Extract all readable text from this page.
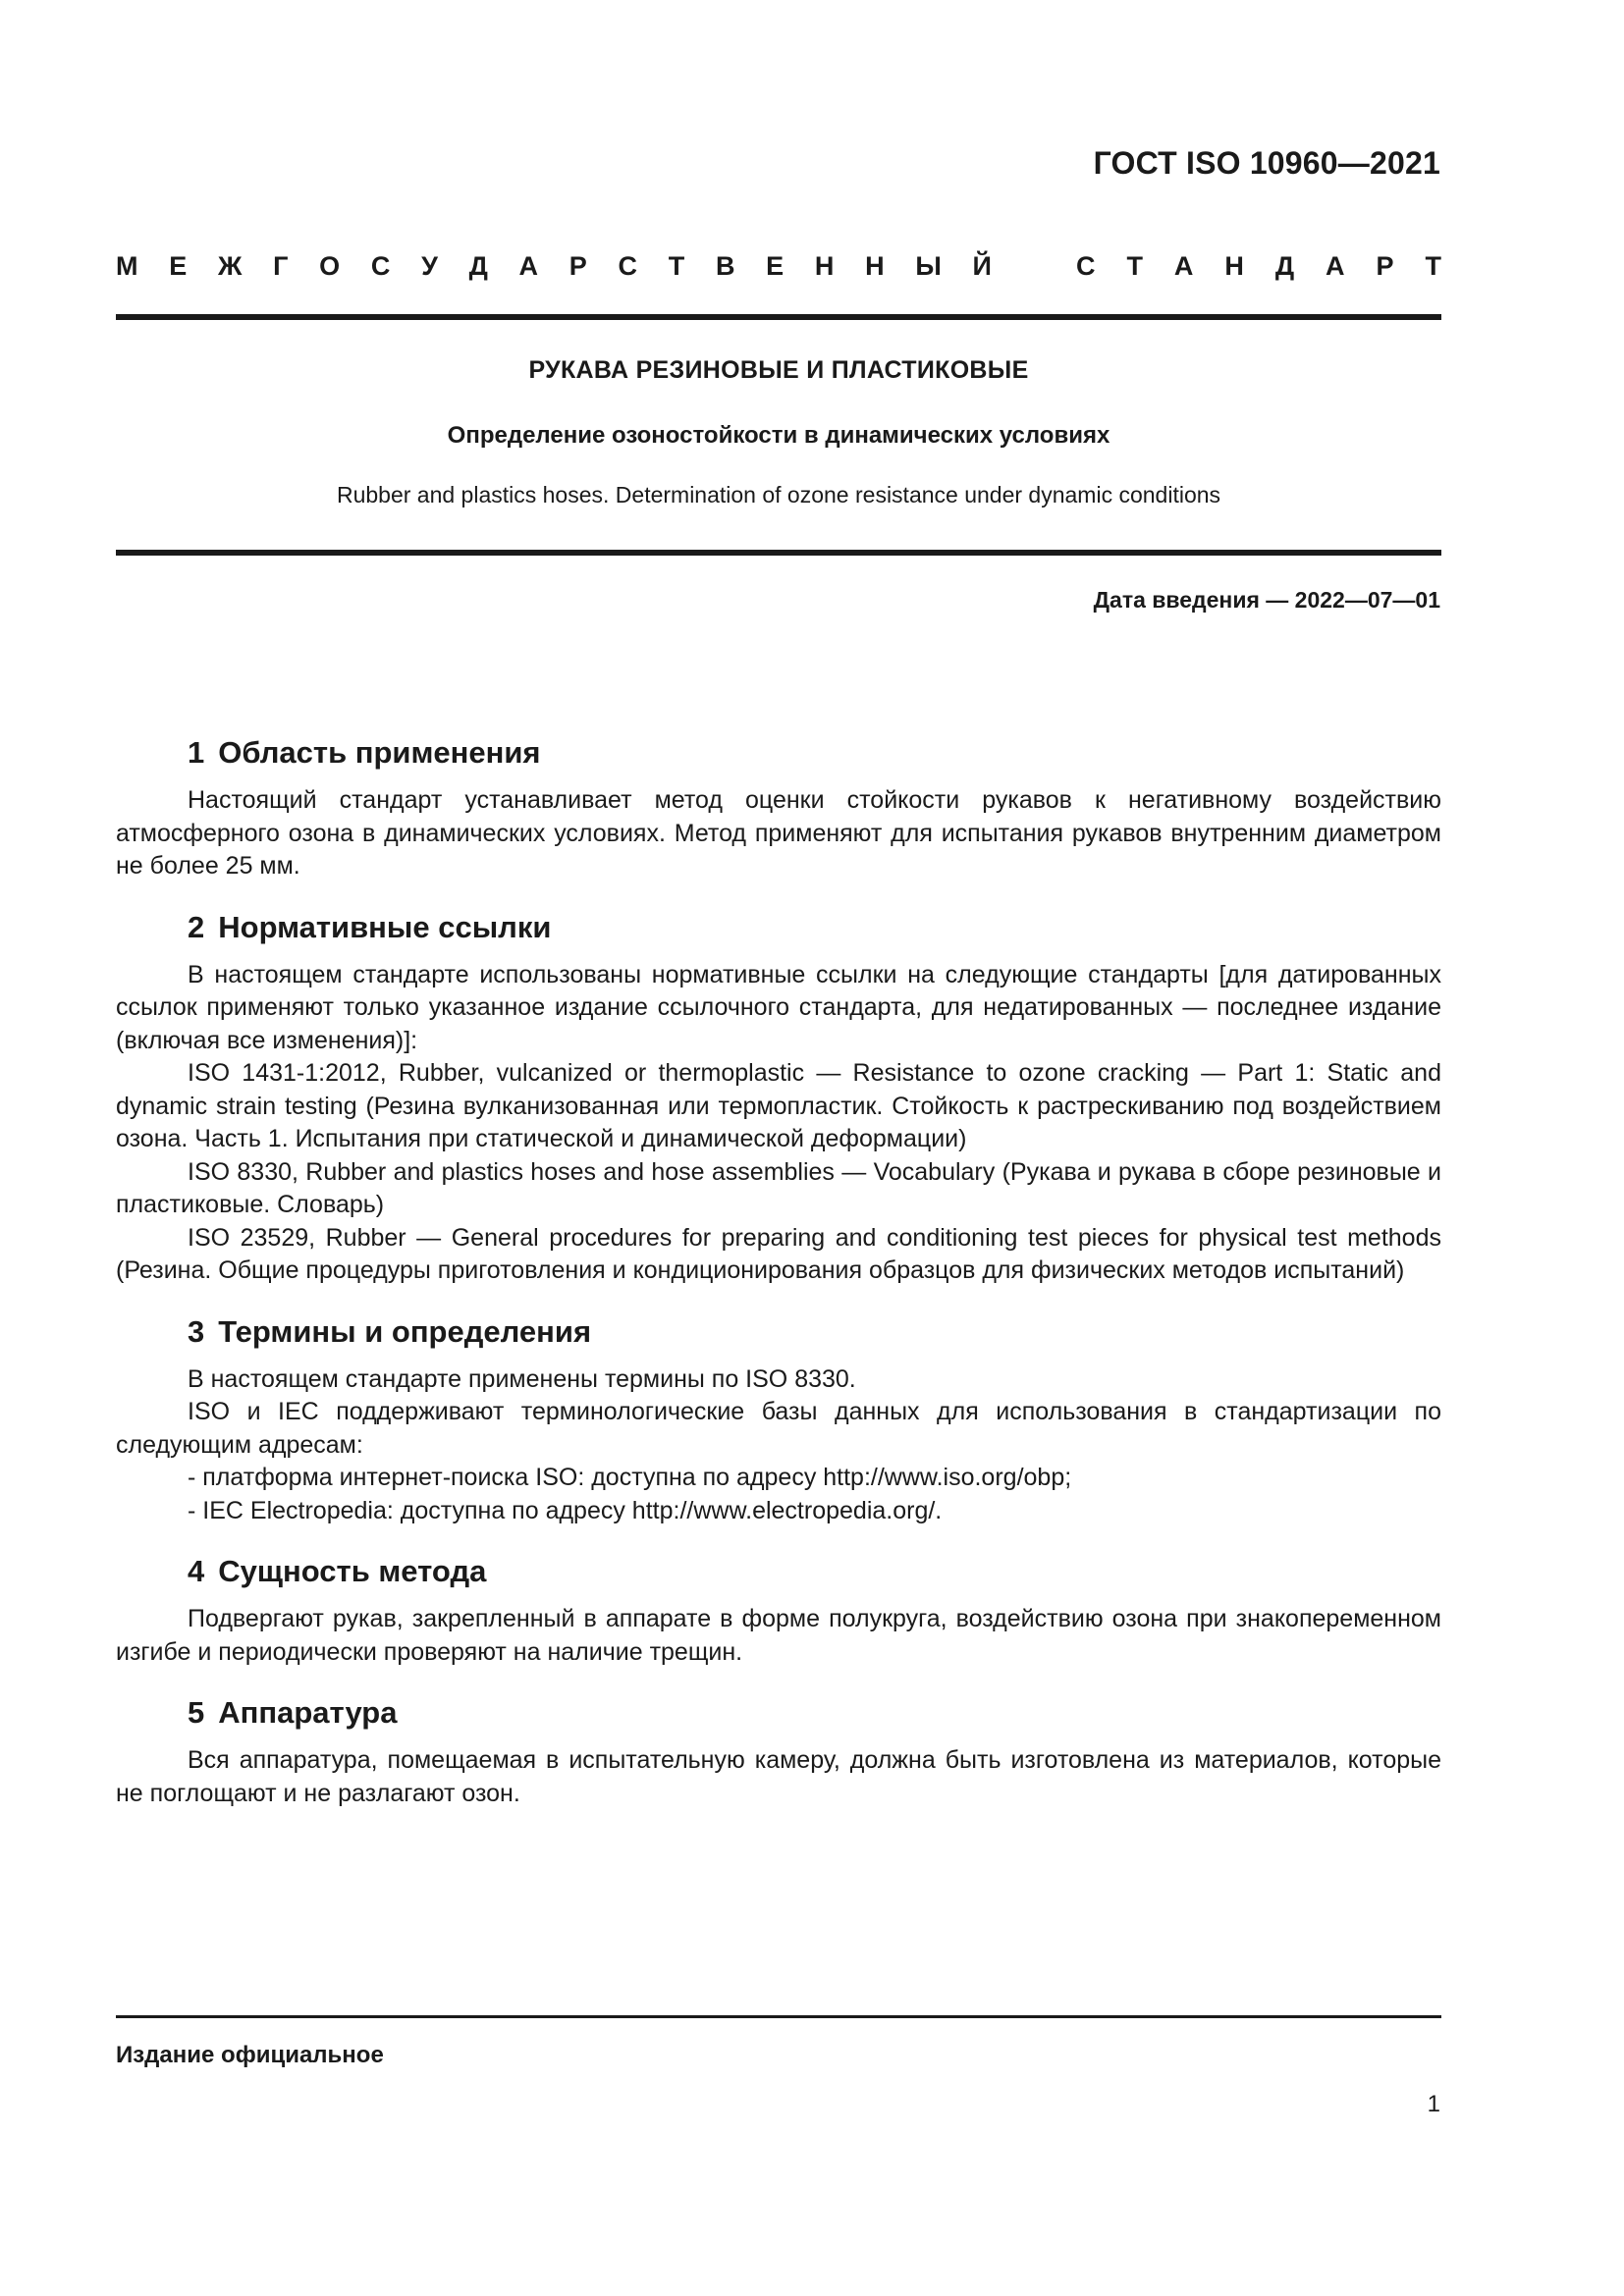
ГОСТ ISO 10960—2021
М Е Ж Г О С У Д А Р С Т В Е Н Н Ы Й	С Т А Н Д А Р Т
РУКАВА РЕЗИНОВЫЕ И ПЛАСТИКОВЫЕ
Определение озоностойкости в динамических условиях
Rubber and plastics hoses. Determination of ozone resistance under dynamic conditions
Дата введения — 2022—07—01
1 Область применения

Настоящий стандарт устанавливает метод оценки стойкости рукавов к негативному воздействию атмосферного озона в динамических условиях. Метод применяют для испытания рукавов внутренним диаметром не более 25 мм.

2 Нормативные ссылки

В настоящем стандарте использованы нормативные ссылки на следующие стандарты [для датированных ссылок применяют только указанное издание ссылочного стандарта, для недатированных — последнее издание (включая все изменения)]:

ISO 1431-1:2012, Rubber, vulcanized or thermoplastic — Resistance to ozone cracking — Part 1: Static and dynamic strain testing (Резина вулканизованная или термопластик. Стойкость к растрескиванию под воздействием озона. Часть 1. Испытания при статической и динамической деформации)

ISO 8330, Rubber and plastics hoses and hose assemblies — Vocabulary (Рукава и рукава в сборе резиновые и пластиковые. Словарь)

ISO 23529, Rubber — General procedures for preparing and conditioning test pieces for physical test methods (Резина. Общие процедуры приготовления и кондиционирования образцов для физических методов испытаний)

3 Термины и определения

В настоящем стандарте применены термины по ISO 8330.

ISO и IEC поддерживают терминологические базы данных для использования в стандартизации по следующим адресам:

- платформа интернет-поиска ISO: доступна по адресу http://www.iso.org/obp;

- IEC Electropedia: доступна по адресу http://www.electropedia.org/.

4 Сущность метода

Подвергают рукав, закрепленный в аппарате в форме полукруга, воздействию озона при знакопеременном изгибе и периодически проверяют на наличие трещин.

5 Аппаратура

Вся аппаратура, помещаемая в испытательную камеру, должна быть изготовлена из материалов, которые не поглощают и не разлагают озон.

Издание официальное
1
